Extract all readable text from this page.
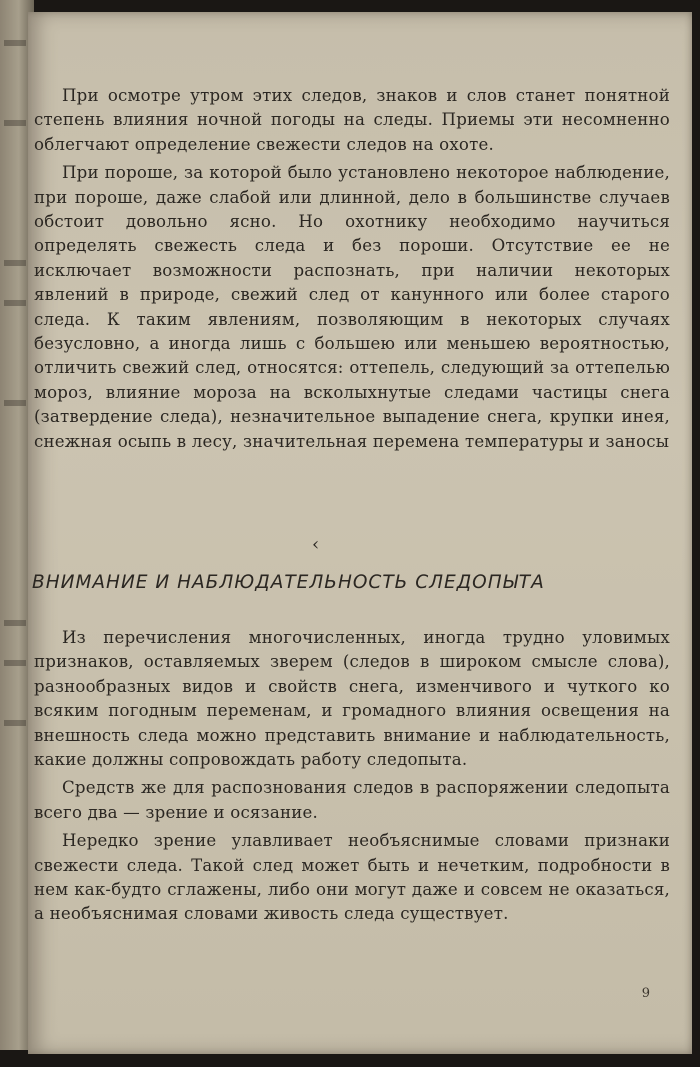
При осмотре утром этих следов, знаков и слов станет понятной степень влияния ночной погоды на следы. Приемы эти несомненно облегчают определение свежести следов на охоте.

При пороше, за которой было установлено некоторое наблюдение, при пороше, даже слабой или длинной, дело в большинстве случаев обстоит довольно ясно. Но охотнику необходимо научиться определять свежесть следа и без пороши. Отсутствие ее не исключает возможности распознать, при наличии некоторых явлений в природе, свежий след от канунного или более старого следа. К таким явлениям, позволяющим в некоторых случаях безусловно, а иногда лишь с большею или меньшею вероятностью, отличить свежий след, относятся: оттепель, следующий за оттепелью мороз, влияние мороза на всколыхнутые следами частицы снега (затвердение следа), незначительное выпадение снега, крупки инея, снежная осыпь в лесу, значительная перемена температуры и заносы

‹
ВНИМАНИЕ И НАБЛЮДАТЕЛЬНОСТЬ СЛЕДОПЫТА

Из перечисления многочисленных, иногда трудно уловимых признаков, оставляемых зверем (следов в широком смысле слова), разнообразных видов и свойств снега, изменчивого и чуткого ко всяким погодным переменам, и громадного влияния освещения на внешность следа можно представить внимание и наблюдательность, какие должны сопровождать работу следопыта.

Средств же для распознования следов в распоряжении следопыта всего два — зрение и осязание.

Нередко зрение улавливает необъяснимые словами признаки свежести следа. Такой след может быть и нечетким, подробности в нем как-будто сглажены, либо они могут даже и совсем не оказаться, а необъяснимая словами живость следа существует.

9
